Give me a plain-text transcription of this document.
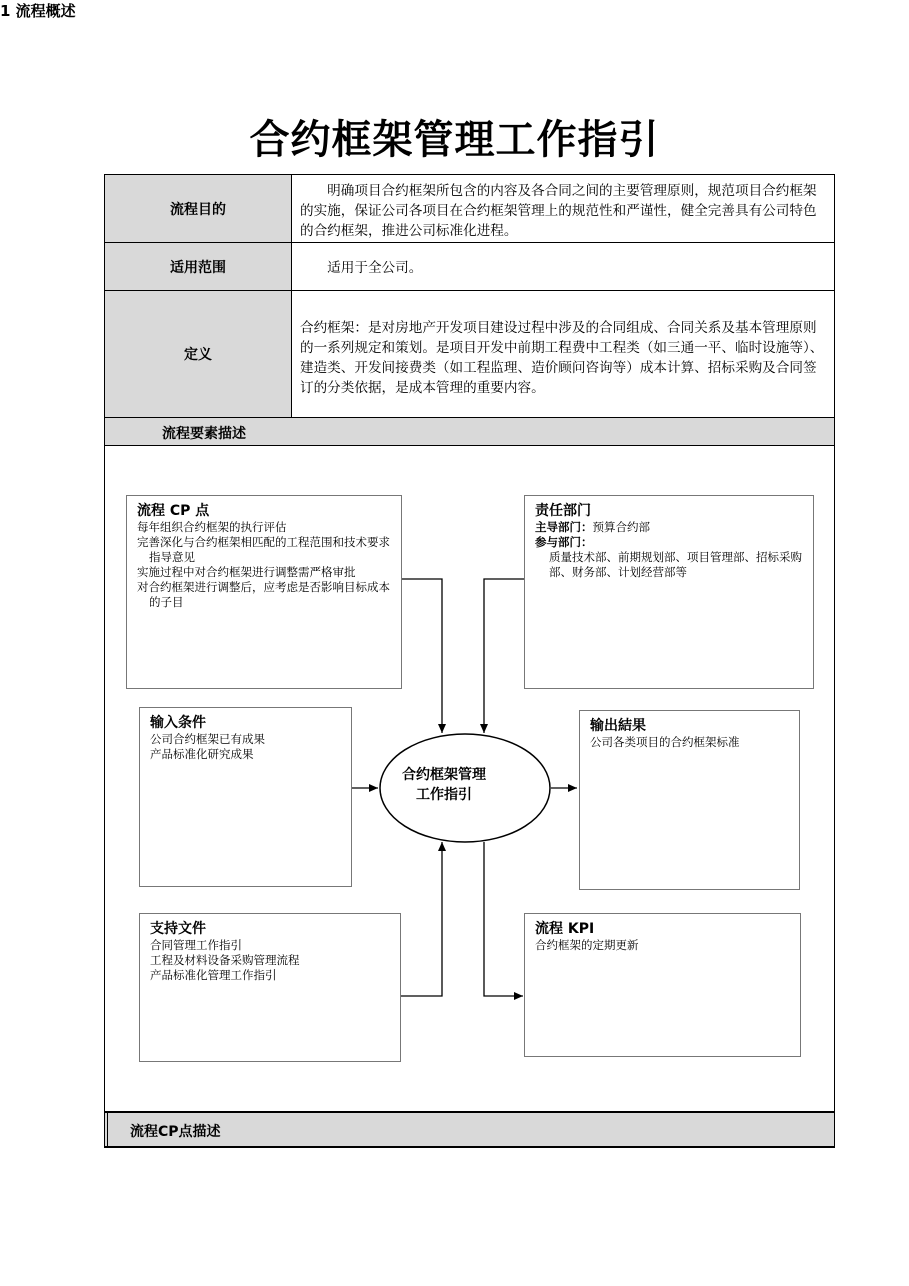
合约框架管理工作指引
1 流程概述
流程目的
　　明确项目合约框架所包含的内容及各合同之间的主要管理原则，规范项目合约框架的实施，保证公司各项目在合约框架管理上的规范性和严谨性，健全完善具有公司特色的合约框架，推进公司标准化进程。
适用范围	　　适用于全公司。
定义
合约框架：是对房地产开发项目建设过程中涉及的合同组成、合同关系及基本管理原则的一系列规定和策划。是项目开发中前期工程费中工程类（如三通一平、临时设施等）、建造类、开发间接费类（如工程监理、造价顾问咨询等）成本计算、招标采购及合同签订的分类依据，是成本管理的重要内容。
流程要素描述
流程CP点描述
合约框架管理
工作指引
流程 CP 点
每年组织合约框架的执行评估
完善深化与合约框架相匹配的工程范围和技术要求指导意见
实施过程中对合约框架进行调整需严格审批
对合约框架进行调整后，应考虑是否影响目标成本的子目
责任部门
主导部门：预算合约部
参与部门：
质量技术部、前期规划部、项目管理部、招标采购部、财务部、计划经营部等
输入条件
公司合约框架已有成果
产品标准化研究成果
输出結果
公司各类项目的合约框架标准
支持文件
合同管理工作指引
工程及材料设备采购管理流程
产品标准化管理工作指引
流程 KPI
合约框架的定期更新
